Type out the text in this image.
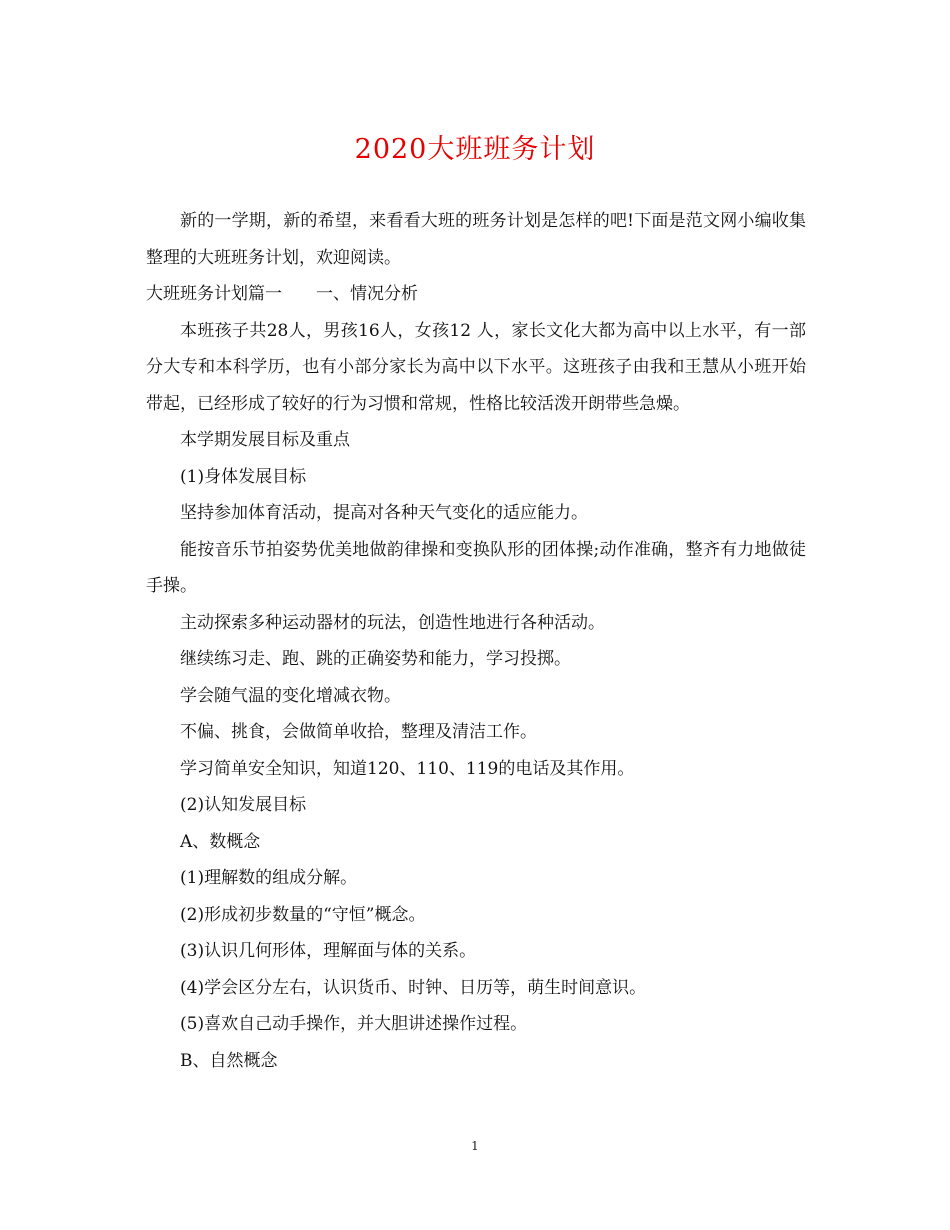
2020大班班务计划

新的一学期，新的希望，来看看大班的班务计划是怎样的吧!下面是范文网小编收集整理的大班班务计划，欢迎阅读。

大班班务计划篇一　　一、情况分析

本班孩子共28人，男孩16人，女孩12 人，家长文化大都为高中以上水平，有一部分大专和本科学历，也有小部分家长为高中以下水平。这班孩子由我和王慧从小班开始带起，已经形成了较好的行为习惯和常规，性格比较活泼开朗带些急燥。

本学期发展目标及重点

(1)身体发展目标

坚持参加体育活动，提高对各种天气变化的适应能力。

能按音乐节拍姿势优美地做韵律操和变换队形的团体操;动作准确，整齐有力地做徒手操。

主动探索多种运动器材的玩法，创造性地进行各种活动。

继续练习走、跑、跳的正确姿势和能力，学习投掷。

学会随气温的变化增减衣物。

不偏、挑食，会做简单收拾，整理及清洁工作。

学习简单安全知识，知道120、110、119的电话及其作用。

(2)认知发展目标

A、数概念

(1)理解数的组成分解。

(2)形成初步数量的“守恒”概念。

(3)认识几何形体，理解面与体的关系。

(4)学会区分左右，认识货币、时钟、日历等，萌生时间意识。

(5)喜欢自己动手操作，并大胆讲述操作过程。

B、自然概念

1
